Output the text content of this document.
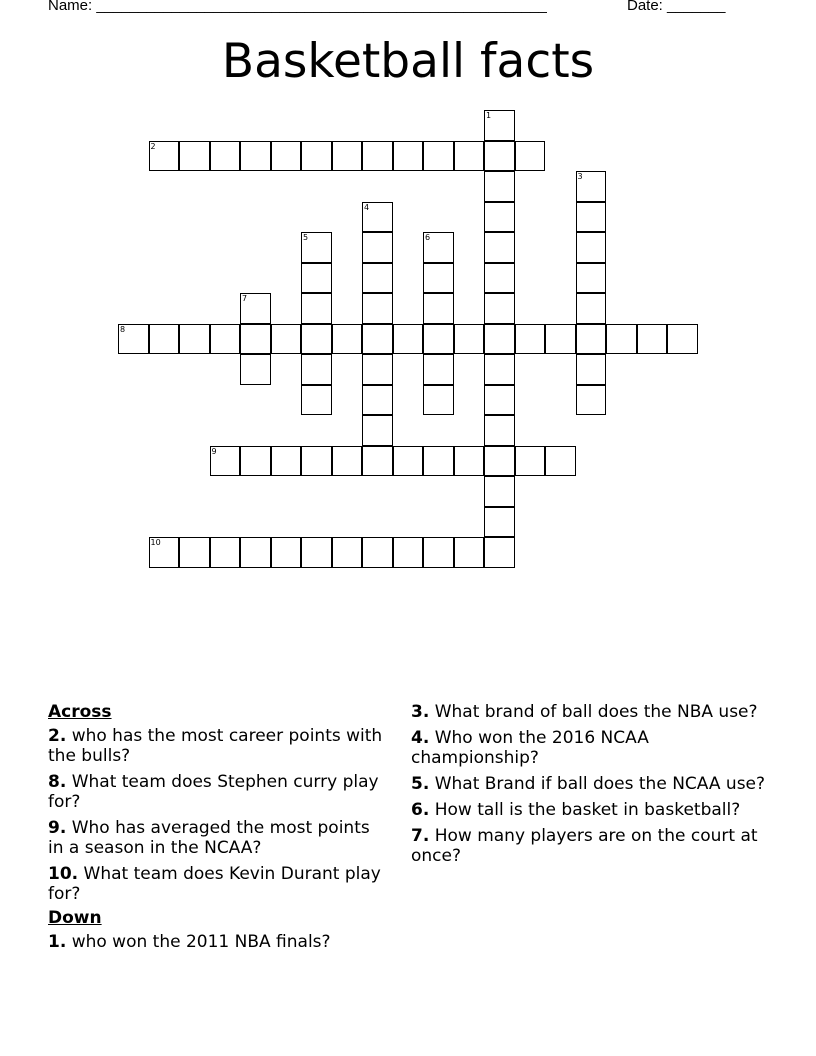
Name: ______________________________________________________	Date: _______
Basketball facts
1
2
3
4
5	6
7
8
9
10
Across
2. who has the most career points with the bulls?
8. What team does Stephen curry play for?
9. Who has averaged the most points in a season in the NCAA?
10. What team does Kevin Durant play for?
Down
1. who won the 2011 NBA finals?
3. What brand of ball does the NBA use?
4. Who won the 2016 NCAA championship?
5. What Brand if ball does the NCAA use?
6. How tall is the basket in basketball?
7. How many players are on the court at once?
